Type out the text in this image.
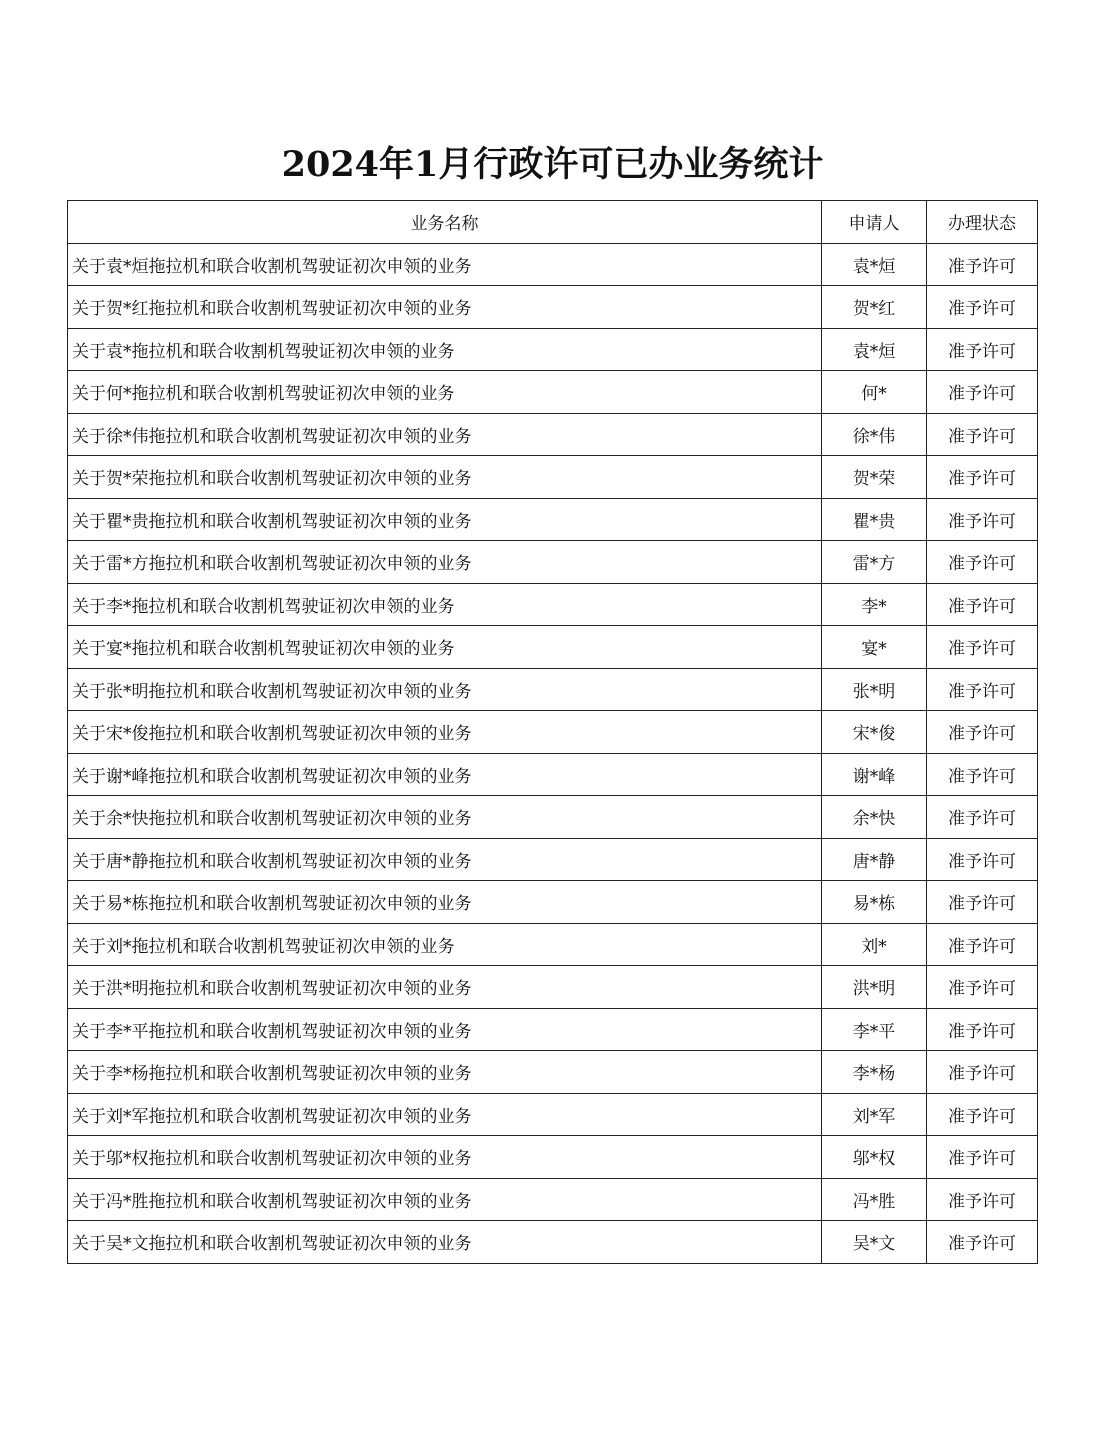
2024年1月行政许可已办业务统计
业务名称	申请人	办理状态
关于袁*烜拖拉机和联合收割机驾驶证初次申领的业务	袁*烜	准予许可
关于贺*红拖拉机和联合收割机驾驶证初次申领的业务	贺*红	准予许可
关于袁*拖拉机和联合收割机驾驶证初次申领的业务	袁*烜	准予许可
关于何*拖拉机和联合收割机驾驶证初次申领的业务	何*	准予许可
关于徐*伟拖拉机和联合收割机驾驶证初次申领的业务	徐*伟	准予许可
关于贺*荣拖拉机和联合收割机驾驶证初次申领的业务	贺*荣	准予许可
关于瞿*贵拖拉机和联合收割机驾驶证初次申领的业务	瞿*贵	准予许可
关于雷*方拖拉机和联合收割机驾驶证初次申领的业务	雷*方	准予许可
关于李*拖拉机和联合收割机驾驶证初次申领的业务	李*	准予许可
关于宴*拖拉机和联合收割机驾驶证初次申领的业务	宴*	准予许可
关于张*明拖拉机和联合收割机驾驶证初次申领的业务	张*明	准予许可
关于宋*俊拖拉机和联合收割机驾驶证初次申领的业务	宋*俊	准予许可
关于谢*峰拖拉机和联合收割机驾驶证初次申领的业务	谢*峰	准予许可
关于余*快拖拉机和联合收割机驾驶证初次申领的业务	余*快	准予许可
关于唐*静拖拉机和联合收割机驾驶证初次申领的业务	唐*静	准予许可
关于易*栋拖拉机和联合收割机驾驶证初次申领的业务	易*栋	准予许可
关于刘*拖拉机和联合收割机驾驶证初次申领的业务	刘*	准予许可
关于洪*明拖拉机和联合收割机驾驶证初次申领的业务	洪*明	准予许可
关于李*平拖拉机和联合收割机驾驶证初次申领的业务	李*平	准予许可
关于李*杨拖拉机和联合收割机驾驶证初次申领的业务	李*杨	准予许可
关于刘*军拖拉机和联合收割机驾驶证初次申领的业务	刘*军	准予许可
关于邬*权拖拉机和联合收割机驾驶证初次申领的业务	邬*权	准予许可
关于冯*胜拖拉机和联合收割机驾驶证初次申领的业务	冯*胜	准予许可
关于吴*文拖拉机和联合收割机驾驶证初次申领的业务	吴*文	准予许可
